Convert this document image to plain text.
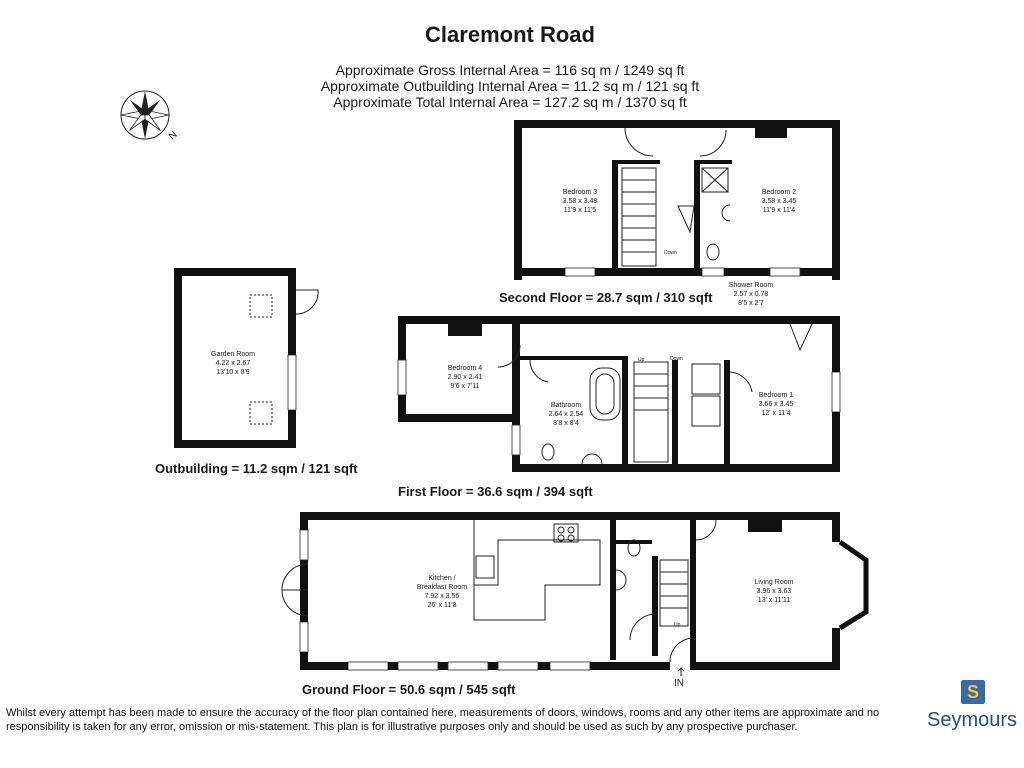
Claremont Road
Approximate Gross Internal Area = 116 sq m / 1249 sq ft
Approximate Outbuilding Internal Area = 11.2 sq m / 121 sq ft
Approximate Total Internal Area = 127.2 sq m / 1370 sq ft
N
Down
Up	Down
Up
Bedroom 3
3.58 x 3.48
11'9 x 11'5
Bedroom 2
3.58 x 3.45
11'9 x 11'4
Shower Room
2.57 x 0.78
8'5 x 2'7
Garden Room
4.22 x 2.67
13'10 x 8'9
Bedroom 4
2.90 x 2.41
9'6 x 7'11
Bathroom
2.64 x 2.54
8'8 x 8'4
Bedroom 1
3.66 x 3.45
12' x 11'4
Kitchen /
Breakfast Room
7.92 x 3.56
26' x 11'8
Living Room
3.96 x 3.63
13' x 11'11
Second Floor = 28.7 sqm / 310 sqft
Outbuilding = 11.2 sqm / 121 sqft
First Floor = 36.6 sqm / 394 sqft
Ground Floor = 50.6 sqm / 545 sqft	IN
Whilst every attempt has been made to ensure the accuracy of the floor plan contained here, measurements of doors, windows, rooms and any other items are approximate and no responsibility is taken for any error, omission or mis-statement. This plan is for illustrative purposes only and should be used as such by any prospective purchaser.
S
Seymours
